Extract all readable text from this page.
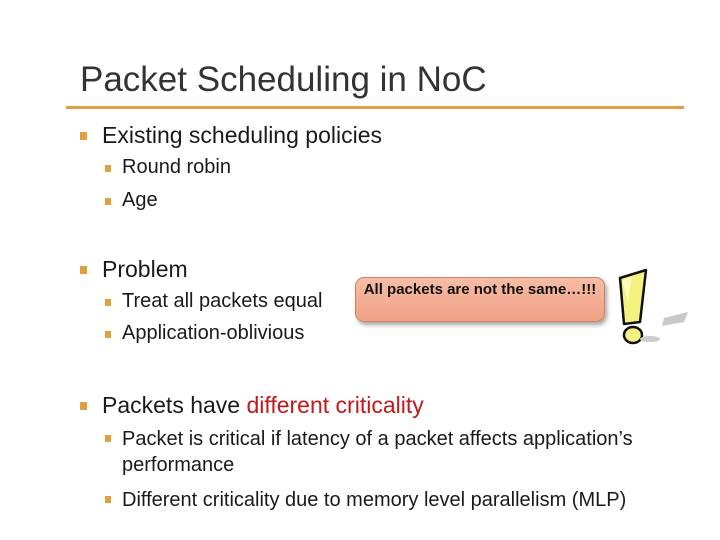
Packet Scheduling in NoC
Existing scheduling policies
Round robin
Age
Problem
Treat all packets equal
Application-oblivious
All packets are not the same…!!!
Packets have different criticality
Packet is critical if latency of a packet affects application’s performance
Different criticality due to memory level parallelism (MLP)
